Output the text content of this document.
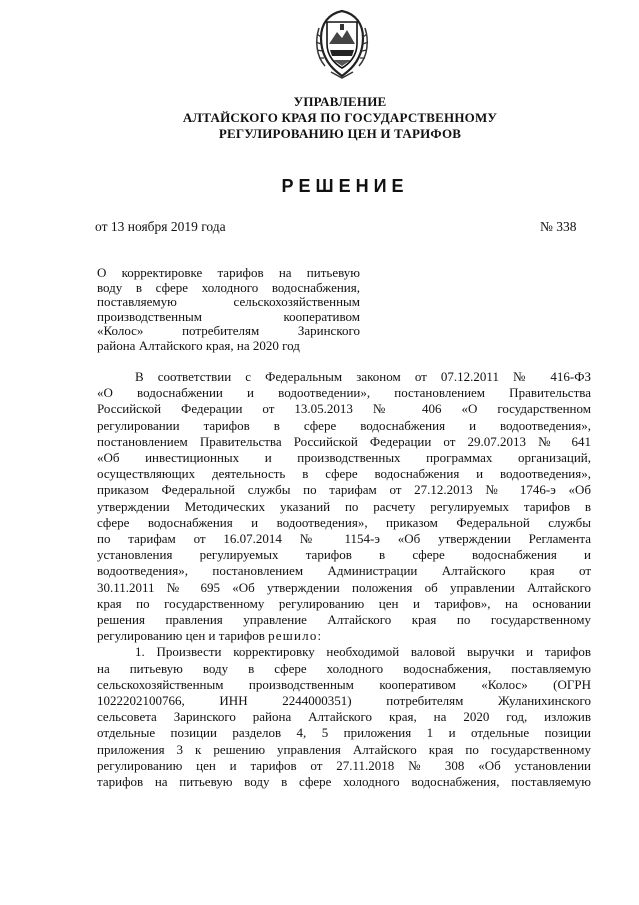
УПРАВЛЕНИЕ
АЛТАЙСКОГО КРАЯ ПО ГОСУДАРСТВЕННОМУ
РЕГУЛИРОВАНИЮ ЦЕН И ТАРИФОВ
РЕШЕНИЕ
от 13 ноября 2019 года	№ 338
О корректировке тарифов на питьевую
воду в сфере холодного водоснабжения,
поставляемую сельскохозяйственным
производственным кооперативом
«Колос» потребителям Заринского
района Алтайского края, на 2020 год
В соответствии с Федеральным законом от 07.12.2011 № 416-ФЗ
«О водоснабжении и водоотведении», постановлением Правительства
Российской Федерации от 13.05.2013 № 406 «О государственном
регулировании тарифов в сфере водоснабжения и водоотведения»,
постановлением Правительства Российской Федерации от 29.07.2013 № 641
«Об инвестиционных и производственных программах организаций,
осуществляющих деятельность в сфере водоснабжения и водоотведения»,
приказом Федеральной службы по тарифам от 27.12.2013 № 1746-э «Об
утверждении Методических указаний по расчету регулируемых тарифов в
сфере водоснабжения и водоотведения», приказом Федеральной службы
по тарифам от 16.07.2014 № 1154-э «Об утверждении Регламента
установления регулируемых тарифов в сфере водоснабжения и
водоотведения», постановлением Администрации Алтайского края от
30.11.2011 № 695 «Об утверждении положения об управлении Алтайского
края по государственному регулированию цен и тарифов», на основании
решения правления управление Алтайского края по государственному
регулированию цен и тарифов решило:
1. Произвести корректировку необходимой валовой выручки и тарифов
на питьевую воду в сфере холодного водоснабжения, поставляемую
сельскохозяйственным производственным кооперативом «Колос» (ОГРН
1022202100766, ИНН 2244000351) потребителям Жуланихинского
сельсовета Заринского района Алтайского края, на 2020 год, изложив
отдельные позиции разделов 4, 5 приложения 1 и отдельные позиции
приложения 3 к решению управления Алтайского края по государственному
регулированию цен и тарифов от 27.11.2018 № 308 «Об установлении
тарифов на питьевую воду в сфере холодного водоснабжения, поставляемую
